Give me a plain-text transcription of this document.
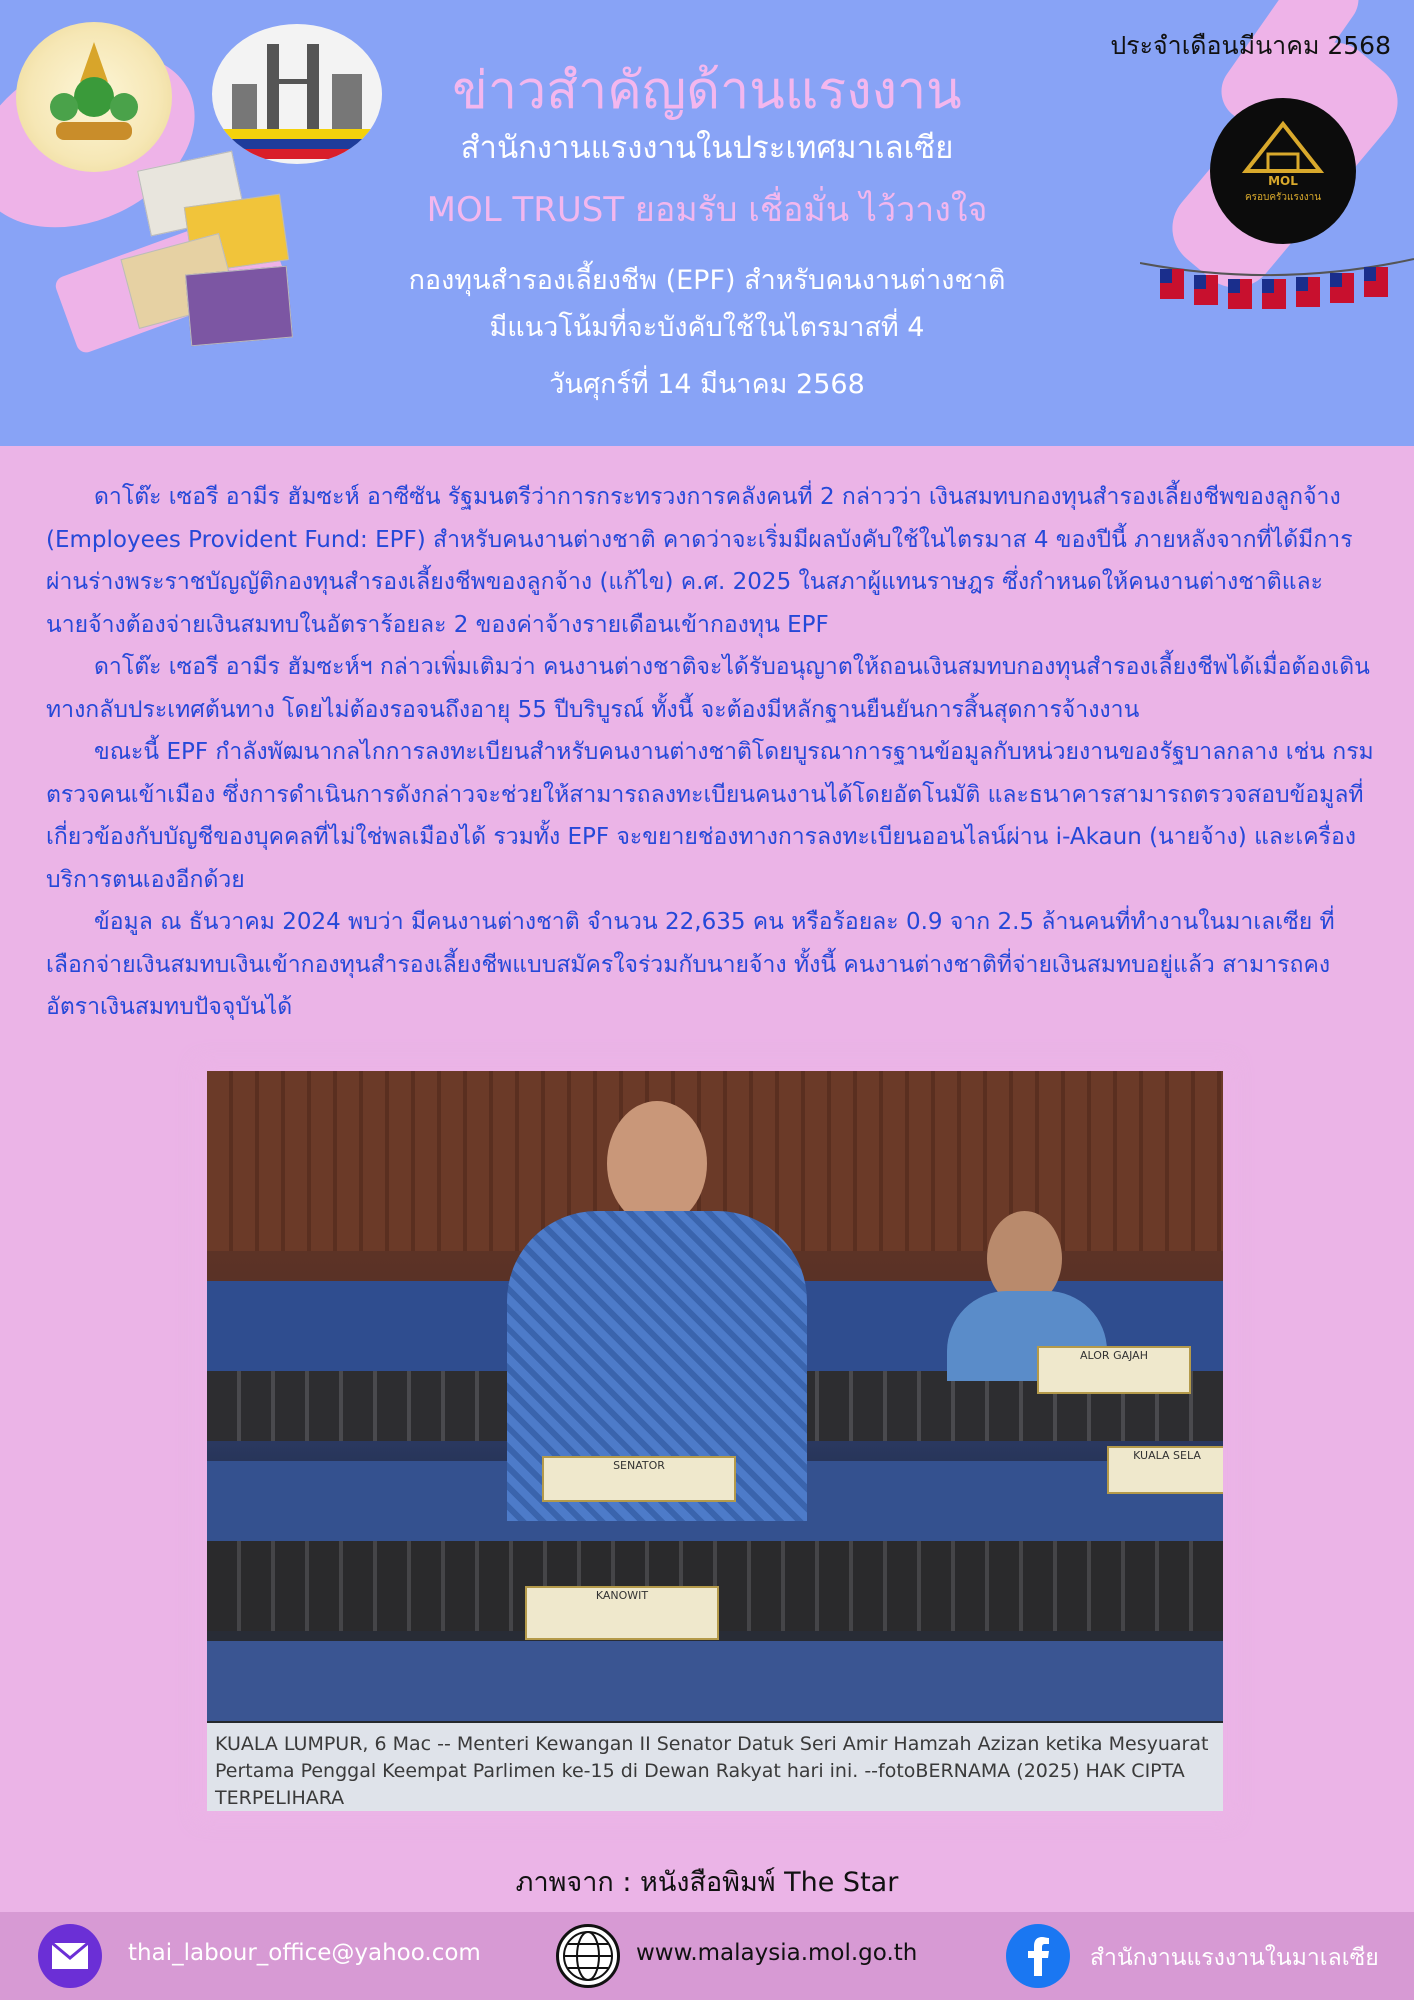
ประจำเดือนมีนาคม 2568
ข่าวสำคัญด้านแรงงาน
สำนักงานแรงงานในประเทศมาเลเซีย
MOL TRUST ยอมรับ เชื่อมั่น ไว้วางใจ
กองทุนสำรองเลี้ยงชีพ (EPF) สำหรับคนงานต่างชาติ
มีแนวโน้มที่จะบังคับใช้ในไตรมาสที่ 4
วันศุกร์ที่ 14 มีนาคม 2568
MOL
ครอบครัวแรงงาน

ดาโต๊ะ เซอรี อามีร ฮัมซะห์ อาซีซัน รัฐมนตรีว่าการกระทรวงการคลังคนที่ 2 กล่าวว่า เงินสมทบกองทุนสำรองเลี้ยงชีพของลูกจ้าง (Employees Provident Fund: EPF) สำหรับคนงานต่างชาติ คาดว่าจะเริ่มมีผลบังคับใช้ในไตรมาส 4 ของปีนี้ ภายหลังจากที่ได้มีการผ่านร่างพระราชบัญญัติกองทุนสำรองเลี้ยงชีพของลูกจ้าง (แก้ไข) ค.ศ. 2025 ในสภาผู้แทนราษฎร ซึ่งกำหนดให้คนงานต่างชาติและนายจ้างต้องจ่ายเงินสมทบในอัตราร้อยละ 2 ของค่าจ้างรายเดือนเข้ากองทุน EPF

ดาโต๊ะ เซอรี อามีร ฮัมซะห์ฯ กล่าวเพิ่มเติมว่า คนงานต่างชาติจะได้รับอนุญาตให้ถอนเงินสมทบกองทุนสำรองเลี้ยงชีพได้เมื่อต้องเดินทางกลับประเทศต้นทาง โดยไม่ต้องรอจนถึงอายุ 55 ปีบริบูรณ์ ทั้งนี้ จะต้องมีหลักฐานยืนยันการสิ้นสุดการจ้างงาน

ขณะนี้ EPF กำลังพัฒนากลไกการลงทะเบียนสำหรับคนงานต่างชาติโดยบูรณาการฐานข้อมูลกับหน่วยงานของรัฐบาลกลาง เช่น กรมตรวจคนเข้าเมือง ซึ่งการดำเนินการดังกล่าวจะช่วยให้สามารถลงทะเบียนคนงานได้โดยอัตโนมัติ และธนาคารสามารถตรวจสอบข้อมูลที่เกี่ยวข้องกับบัญชีของบุคคลที่ไม่ใช่พลเมืองได้ รวมทั้ง EPF จะขยายช่องทางการลงทะเบียนออนไลน์ผ่าน i-Akaun (นายจ้าง) และเครื่องบริการตนเองอีกด้วย

ข้อมูล ณ ธันวาคม 2024 พบว่า มีคนงานต่างชาติ จำนวน 22,635 คน หรือร้อยละ 0.9 จาก 2.5 ล้านคนที่ทำงานในมาเลเซีย ที่เลือกจ่ายเงินสมทบเงินเข้ากองทุนสำรองเลี้ยงชีพแบบสมัครใจร่วมกับนายจ้าง ทั้งนี้ คนงานต่างชาติที่จ่ายเงินสมทบอยู่แล้ว สามารถคงอัตราเงินสมทบปัจจุบันได้

SENATOR
ALOR GAJAH
KUALA SELA
KANOWIT
KUALA LUMPUR, 6 Mac -- Menteri Kewangan II Senator Datuk Seri Amir Hamzah Azizan ketika Mesyuarat Pertama Penggal Keempat Parlimen ke-15 di Dewan Rakyat hari ini. --fotoBERNAMA (2025) HAK CIPTA TERPELIHARA
ภาพจาก : หนังสือพิมพ์ The Star
thai_labour_office@yahoo.com	www.malaysia.mol.go.th	สำนักงานแรงงานในมาเลเซีย
